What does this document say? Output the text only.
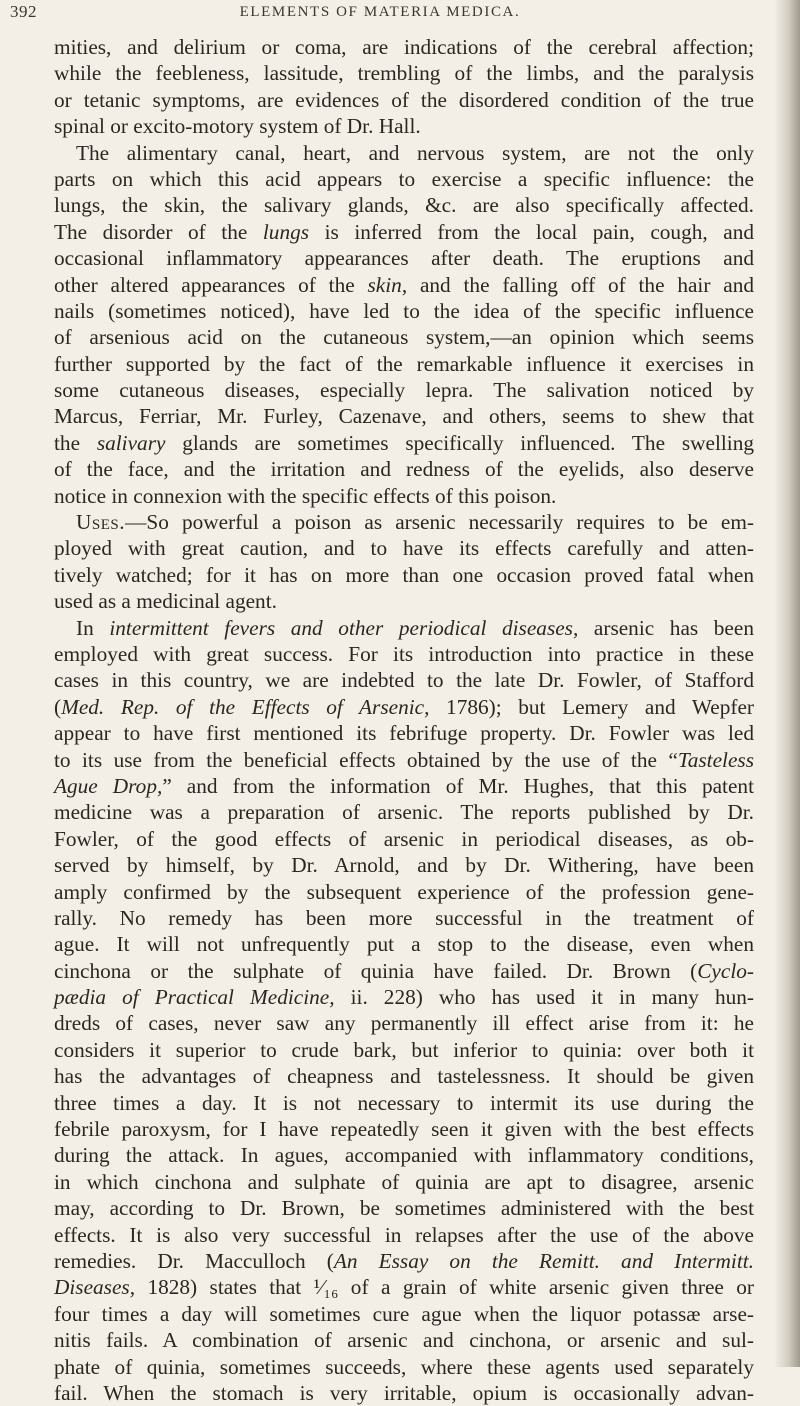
392	ELEMENTS OF MATERIA MEDICA.
mities, and delirium or coma, are indications of the cerebral affection;
while the feebleness, lassitude, trembling of the limbs, and the paralysis
or tetanic symptoms, are evidences of the disordered condition of the true
spinal or excito-motory system of Dr. Hall.
The alimentary canal, heart, and nervous system, are not the only
parts on which this acid appears to exercise a specific influence: the
lungs, the skin, the salivary glands, &c. are also specifically affected.
The disorder of the lungs is inferred from the local pain, cough, and
occasional inflammatory appearances after death. The eruptions and
other altered appearances of the skin, and the falling off of the hair and
nails (sometimes noticed), have led to the idea of the specific influence
of arsenious acid on the cutaneous system,—an opinion which seems
further supported by the fact of the remarkable influence it exercises in
some cutaneous diseases, especially lepra. The salivation noticed by
Marcus, Ferriar, Mr. Furley, Cazenave, and others, seems to shew that
the salivary glands are sometimes specifically influenced. The swelling
of the face, and the irritation and redness of the eyelids, also deserve
notice in connexion with the specific effects of this poison.
Uses.—So powerful a poison as arsenic necessarily requires to be em-
ployed with great caution, and to have its effects carefully and atten-
tively watched; for it has on more than one occasion proved fatal when
used as a medicinal agent.
In intermittent fevers and other periodical diseases, arsenic has been
employed with great success. For its introduction into practice in these
cases in this country, we are indebted to the late Dr. Fowler, of Stafford
(Med. Rep. of the Effects of Arsenic, 1786); but Lemery and Wepfer
appear to have first mentioned its febrifuge property. Dr. Fowler was led
to its use from the beneficial effects obtained by the use of the “Tasteless
Ague Drop,” and from the information of Mr. Hughes, that this patent
medicine was a preparation of arsenic. The reports published by Dr.
Fowler, of the good effects of arsenic in periodical diseases, as ob-
served by himself, by Dr. Arnold, and by Dr. Withering, have been
amply confirmed by the subsequent experience of the profession gene-
rally. No remedy has been more successful in the treatment of
ague. It will not unfrequently put a stop to the disease, even when
cinchona or the sulphate of quinia have failed. Dr. Brown (Cyclo-
pædia of Practical Medicine, ii. 228) who has used it in many hun-
dreds of cases, never saw any permanently ill effect arise from it: he
considers it superior to crude bark, but inferior to quinia: over both it
has the advantages of cheapness and tastelessness. It should be given
three times a day. It is not necessary to intermit its use during the
febrile paroxysm, for I have repeatedly seen it given with the best effects
during the attack. In agues, accompanied with inflammatory conditions,
in which cinchona and sulphate of quinia are apt to disagree, arsenic
may, according to Dr. Brown, be sometimes administered with the best
effects. It is also very successful in relapses after the use of the above
remedies. Dr. Macculloch (An Essay on the Remitt. and Intermitt.
Diseases, 1828) states that ¹⁄₁₆ of a grain of white arsenic given three or
four times a day will sometimes cure ague when the liquor potassæ arse-
nitis fails. A combination of arsenic and cinchona, or arsenic and sul-
phate of quinia, sometimes succeeds, where these agents used separately
fail. When the stomach is very irritable, opium is occasionally advan-
